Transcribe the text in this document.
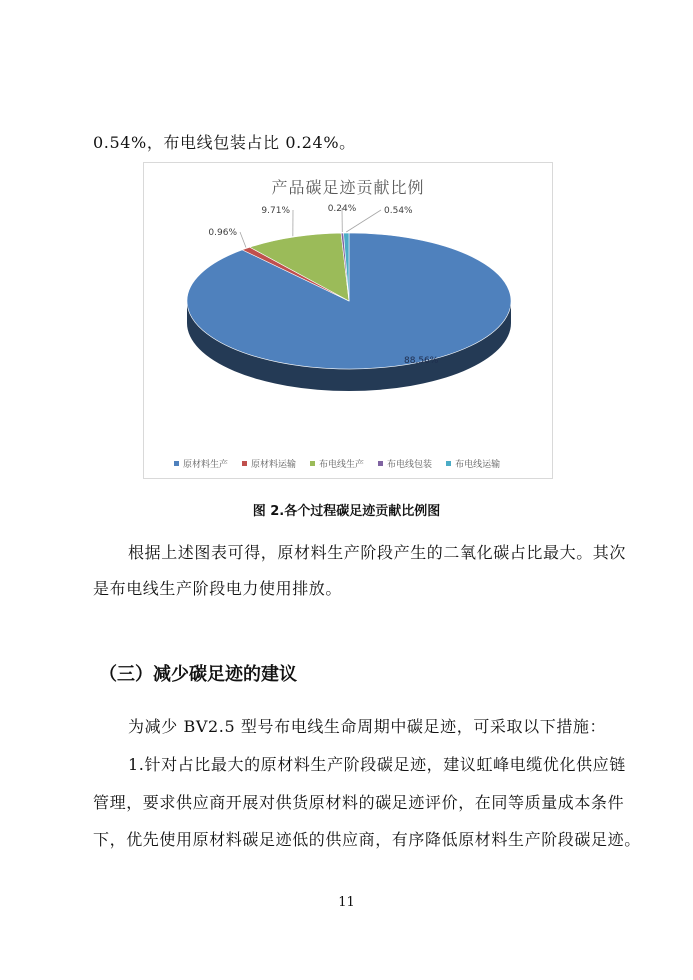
0.54%，布电线包装占比 0.24%。
产品碳足迹贡献比例
88.56%
0.96%
9.71%	0.24%	0.54%
原材料生产	原材料运输	布电线生产	布电线包装	布电线运输
图 2.各个过程碳足迹贡献比例图
根据上述图表可得，原材料生产阶段产生的二氧化碳占比最大。其次
是布电线生产阶段电力使用排放。
（三）减少碳足迹的建议
为减少 BV2.5 型号布电线生命周期中碳足迹，可采取以下措施：
1.针对占比最大的原材料生产阶段碳足迹，建议虹峰电缆优化供应链
管理，要求供应商开展对供货原材料的碳足迹评价，在同等质量成本条件
下，优先使用原材料碳足迹低的供应商，有序降低原材料生产阶段碳足迹。
11
